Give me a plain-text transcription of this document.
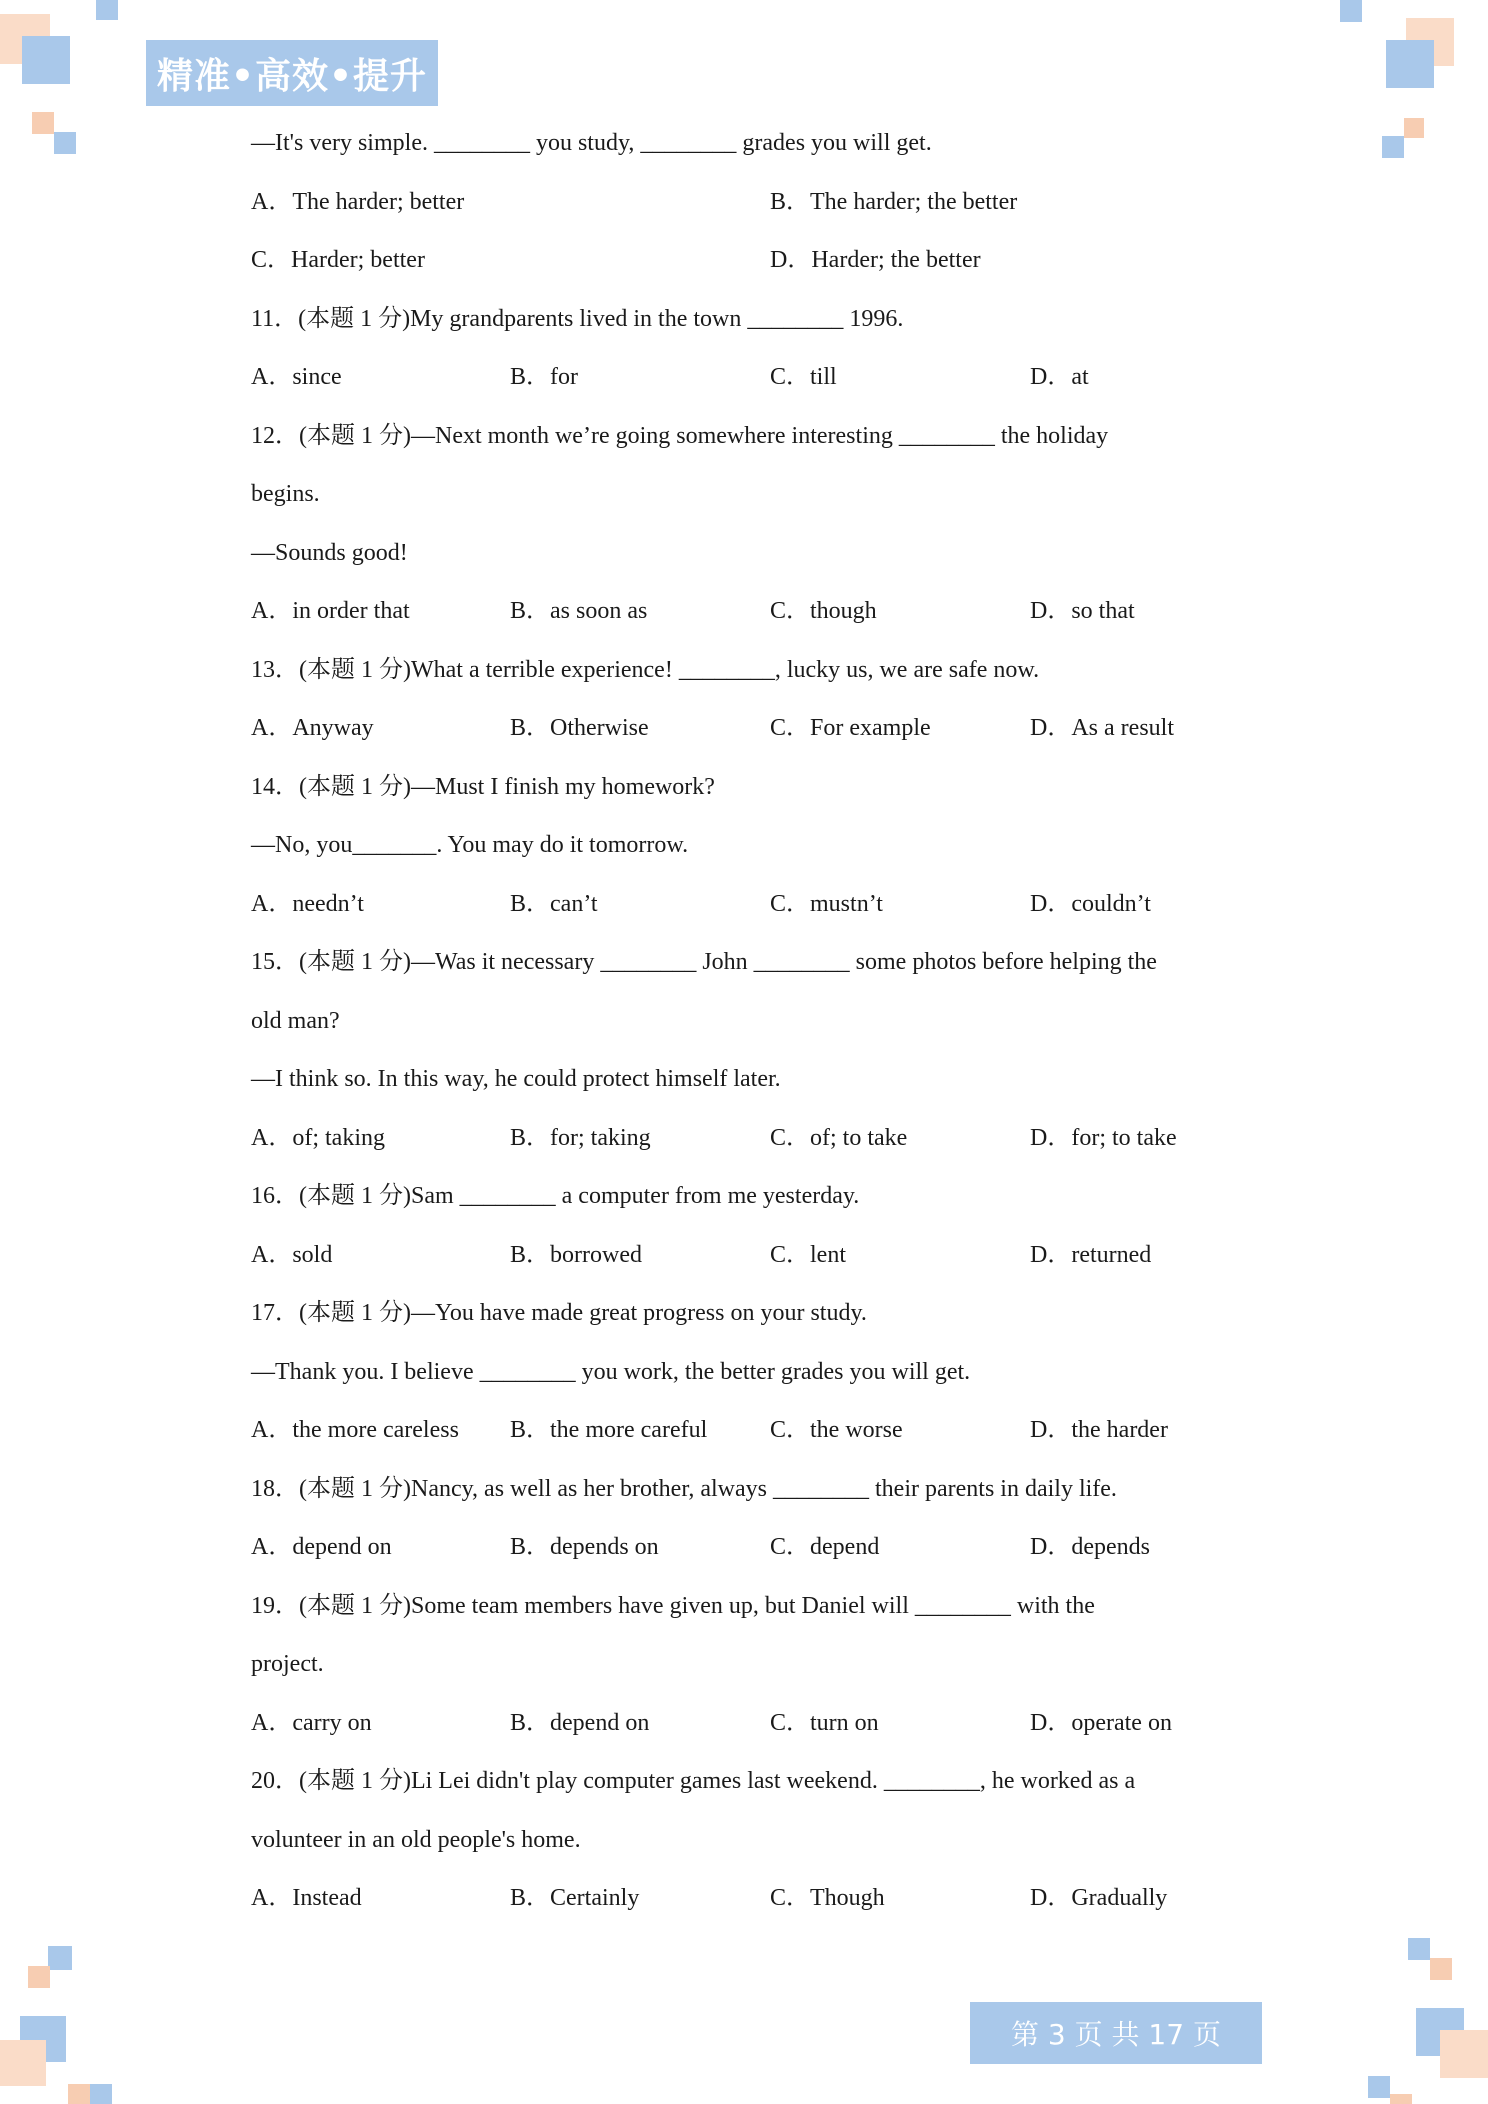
精准•高效•提升
—It's very simple. ________ you study, ________ grades you will get.
A．The harder; better	B．The harder; the better
C．Harder; better	D．Harder; the better
11．(本题 1 分)My grandparents lived in the town ________ 1996.
A．since	B．for	C．till	D．at
12．(本题 1 分)—Next month we’re going somewhere interesting ________ the holiday
begins.
—Sounds good!
A．in order that	B．as soon as	C．though	D．so that
13．(本题 1 分)What a terrible experience! ________, lucky us, we are safe now.
A．Anyway	B．Otherwise	C．For example	D．As a result
14．(本题 1 分)—Must I finish my homework?
—No, you_______. You may do it tomorrow.
A．needn’t	B．can’t	C．mustn’t	D．couldn’t
15．(本题 1 分)—Was it necessary ________ John ________ some photos before helping the
old man?
—I think so. In this way, he could protect himself later.
A．of; taking	B．for; taking	C．of; to take	D．for; to take
16．(本题 1 分)Sam ________ a computer from me yesterday.
A．sold	B．borrowed	C．lent	D．returned
17．(本题 1 分)—You have made great progress on your study.
—Thank you. I believe ________ you work, the better grades you will get.
A．the more careless B．the more careful	C．the worse	D．the harder
18．(本题 1 分)Nancy, as well as her brother, always ________ their parents in daily life.
A．depend on	B．depends on	C．depend	D．depends
19．(本题 1 分)Some team members have given up, but Daniel will ________ with the
project.
A．carry on	B．depend on	C．turn on	D．operate on
20．(本题 1 分)Li Lei didn't play computer games last weekend. ________, he worked as a
volunteer in an old people's home.
A．Instead	B．Certainly	C．Though	D．Gradually
第 3 页 共 17 页
